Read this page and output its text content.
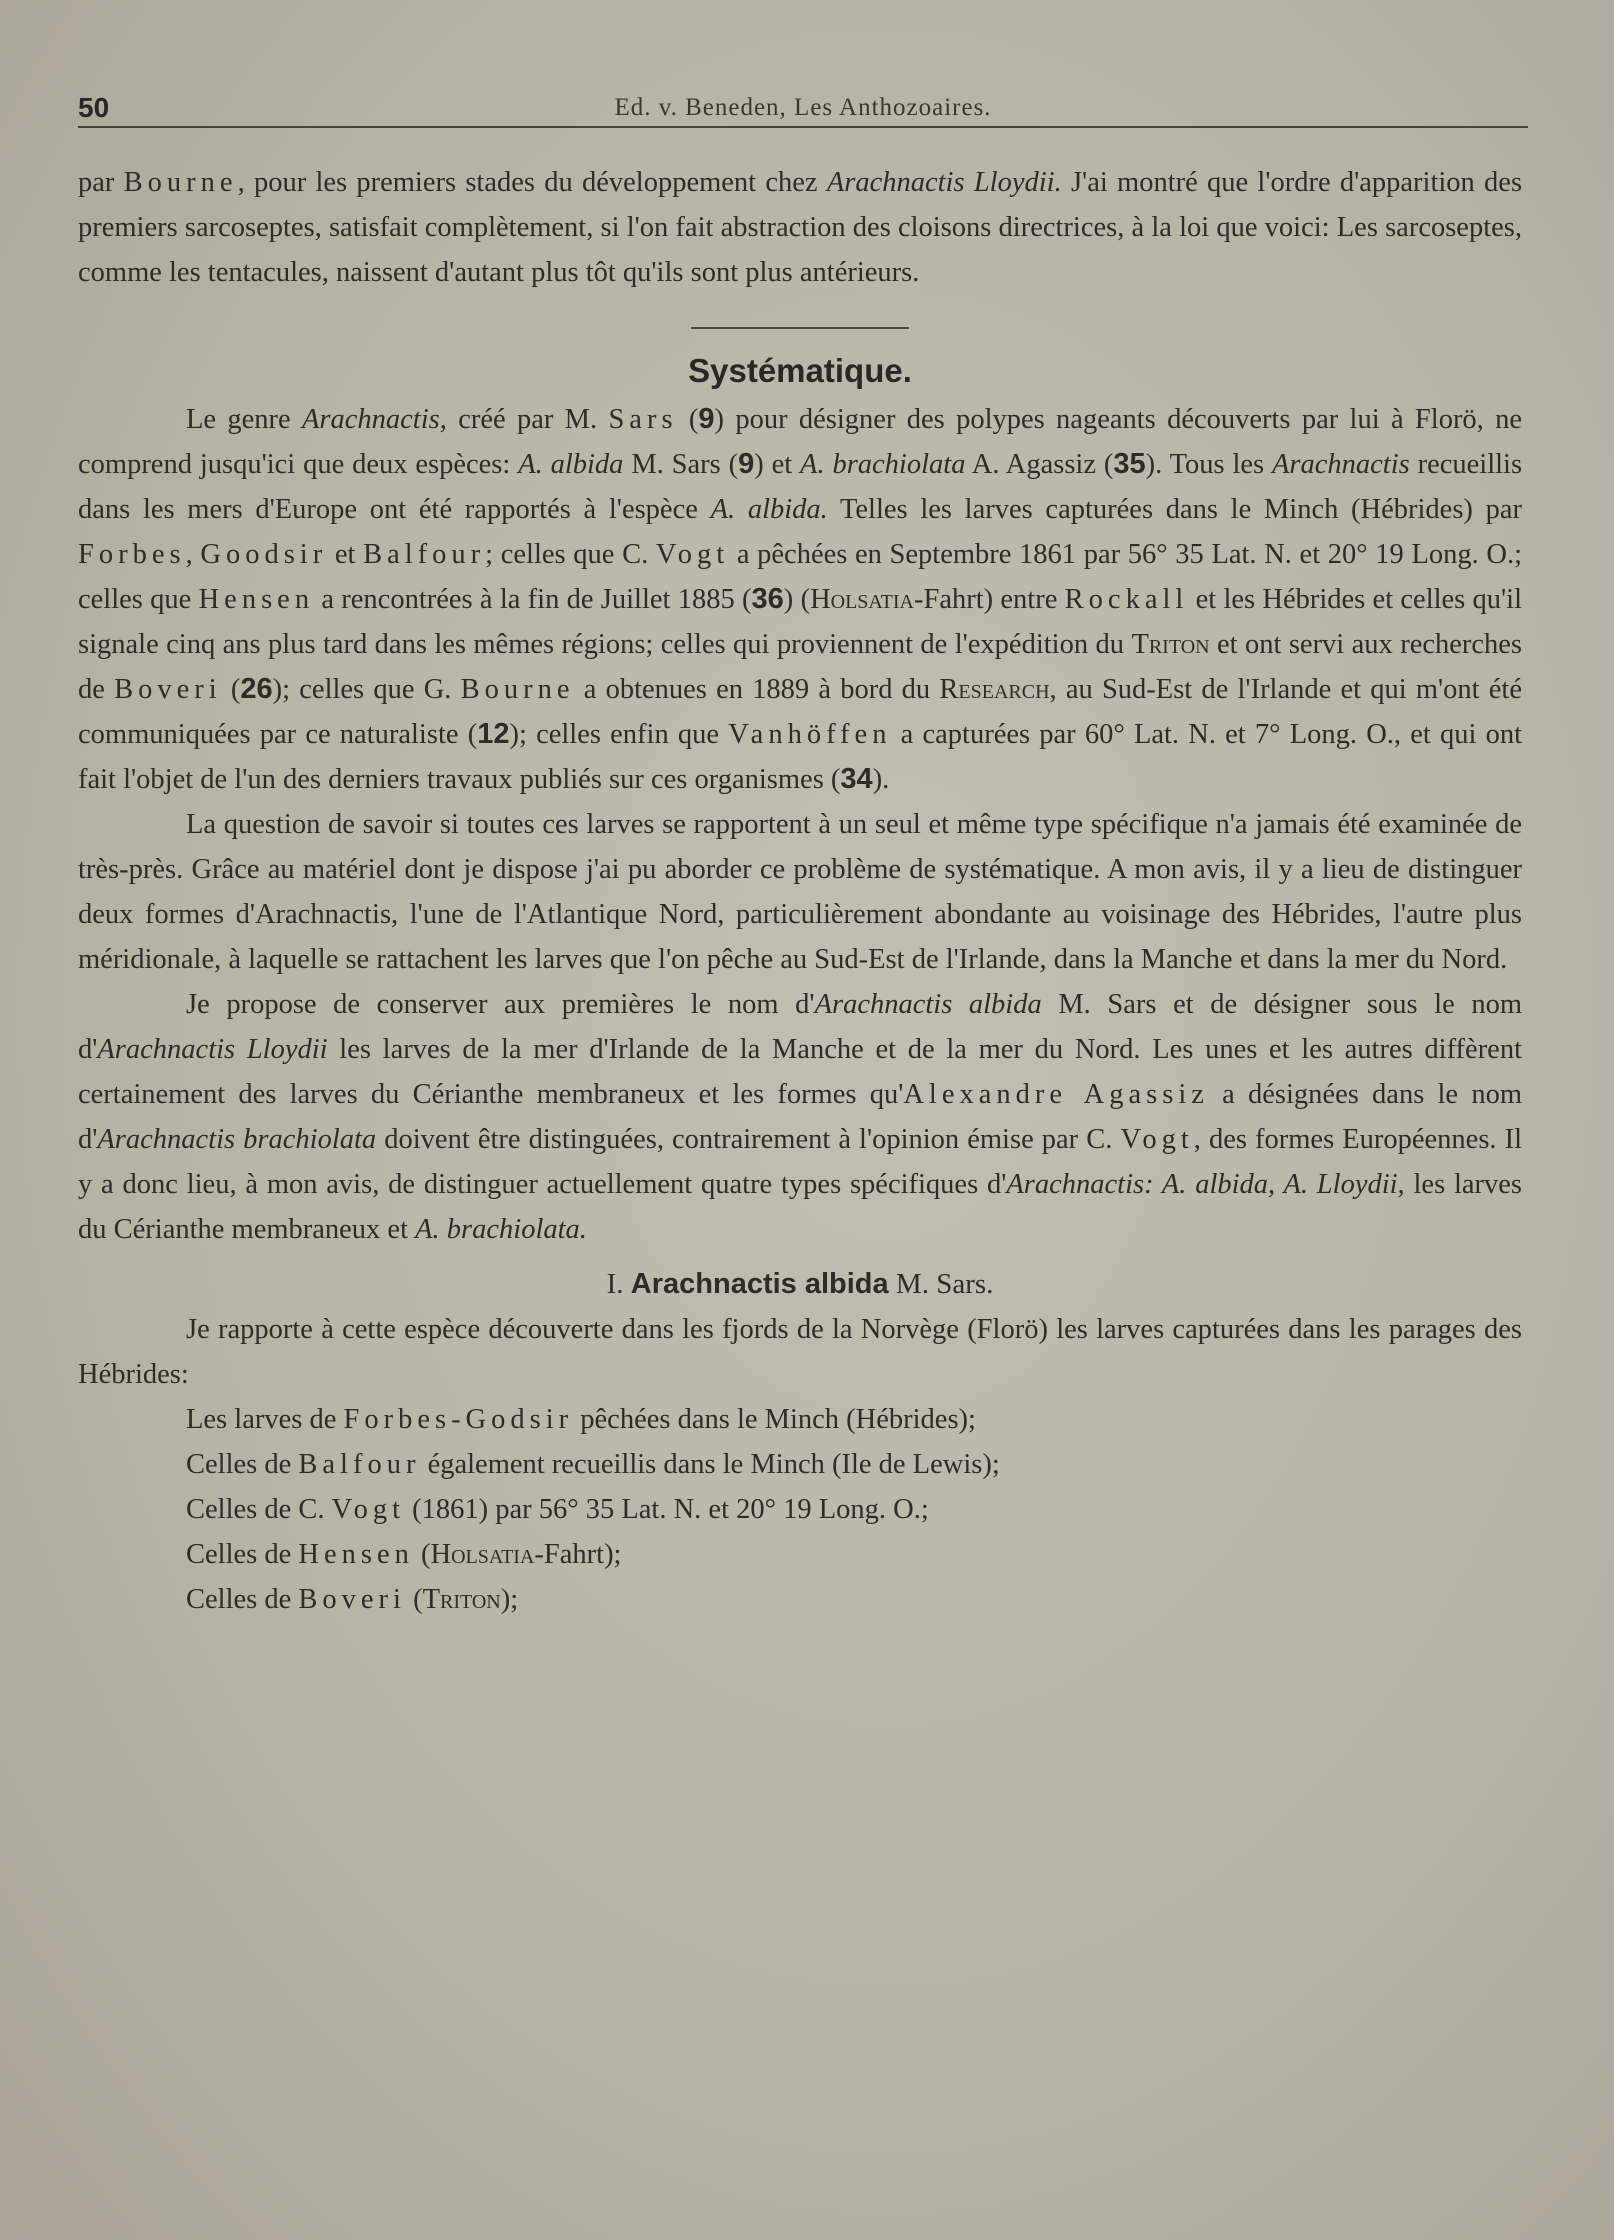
50	Ed. v. Beneden, Les Anthozoaires.

par Bourne, pour les premiers stades du développement chez Arachnactis Lloydii. J'ai montré que l'ordre d'apparition des premiers sarcoseptes, satisfait complètement, si l'on fait abstraction des cloisons directrices, à la loi que voici: Les sarcoseptes, comme les tentacules, naissent d'autant plus tôt qu'ils sont plus antérieurs.

Systématique.

Le genre Arachnactis, créé par M. Sars (9) pour désigner des polypes nageants découverts par lui à Florö, ne comprend jusqu'ici que deux espèces: A. albida M. Sars (9) et A. brachiolata A. Agassiz (35). Tous les Arachnactis recueillis dans les mers d'Europe ont été rapportés à l'espèce A. albida. Telles les larves capturées dans le Minch (Hébrides) par Forbes, Goodsir et Balfour; celles que C. Vogt a pêchées en Septembre 1861 par 56° 35 Lat. N. et 20° 19 Long. O.; celles que Hensen a rencontrées à la fin de Juillet 1885 (36) (Holsatia-Fahrt) entre Rockall et les Hébrides et celles qu'il signale cinq ans plus tard dans les mêmes régions; celles qui proviennent de l'expédition du Triton et ont servi aux recherches de Boveri (26); celles que G. Bourne a obtenues en 1889 à bord du Research, au Sud-Est de l'Irlande et qui m'ont été communiquées par ce naturaliste (12); celles enfin que Vanhöffen a capturées par 60° Lat. N. et 7° Long. O., et qui ont fait l'objet de l'un des derniers travaux publiés sur ces organismes (34).

La question de savoir si toutes ces larves se rapportent à un seul et même type spécifique n'a jamais été examinée de très-près. Grâce au matériel dont je dispose j'ai pu aborder ce problème de systématique. A mon avis, il y a lieu de distinguer deux formes d'Arachnactis, l'une de l'Atlantique Nord, particulièrement abondante au voisinage des Hébrides, l'autre plus méridionale, à laquelle se rattachent les larves que l'on pêche au Sud-Est de l'Irlande, dans la Manche et dans la mer du Nord.

Je propose de conserver aux premières le nom d'Arachnactis albida M. Sars et de désigner sous le nom d'Arachnactis Lloydii les larves de la mer d'Irlande de la Manche et de la mer du Nord. Les unes et les autres diffèrent certainement des larves du Cérianthe membraneux et les formes qu'Alexandre Agassiz a désignées dans le nom d'Arachnactis brachiolata doivent être distinguées, contrairement à l'opinion émise par C. Vogt, des formes Européennes. Il y a donc lieu, à mon avis, de distinguer actuellement quatre types spécifiques d'Arachnactis: A. albida, A. Lloydii, les larves du Cérianthe membraneux et A. brachiolata.

I. Arachnactis albida M. Sars.

Je rapporte à cette espèce découverte dans les fjords de la Norvège (Florö) les larves capturées dans les parages des Hébrides:

Les larves de Forbes-Godsir pêchées dans le Minch (Hébrides);

Celles de Balfour également recueillis dans le Minch (Ile de Lewis);

Celles de C. Vogt (1861) par 56° 35 Lat. N. et 20° 19 Long. O.;

Celles de Hensen (Holsatia-Fahrt);

Celles de Boveri (Triton);
